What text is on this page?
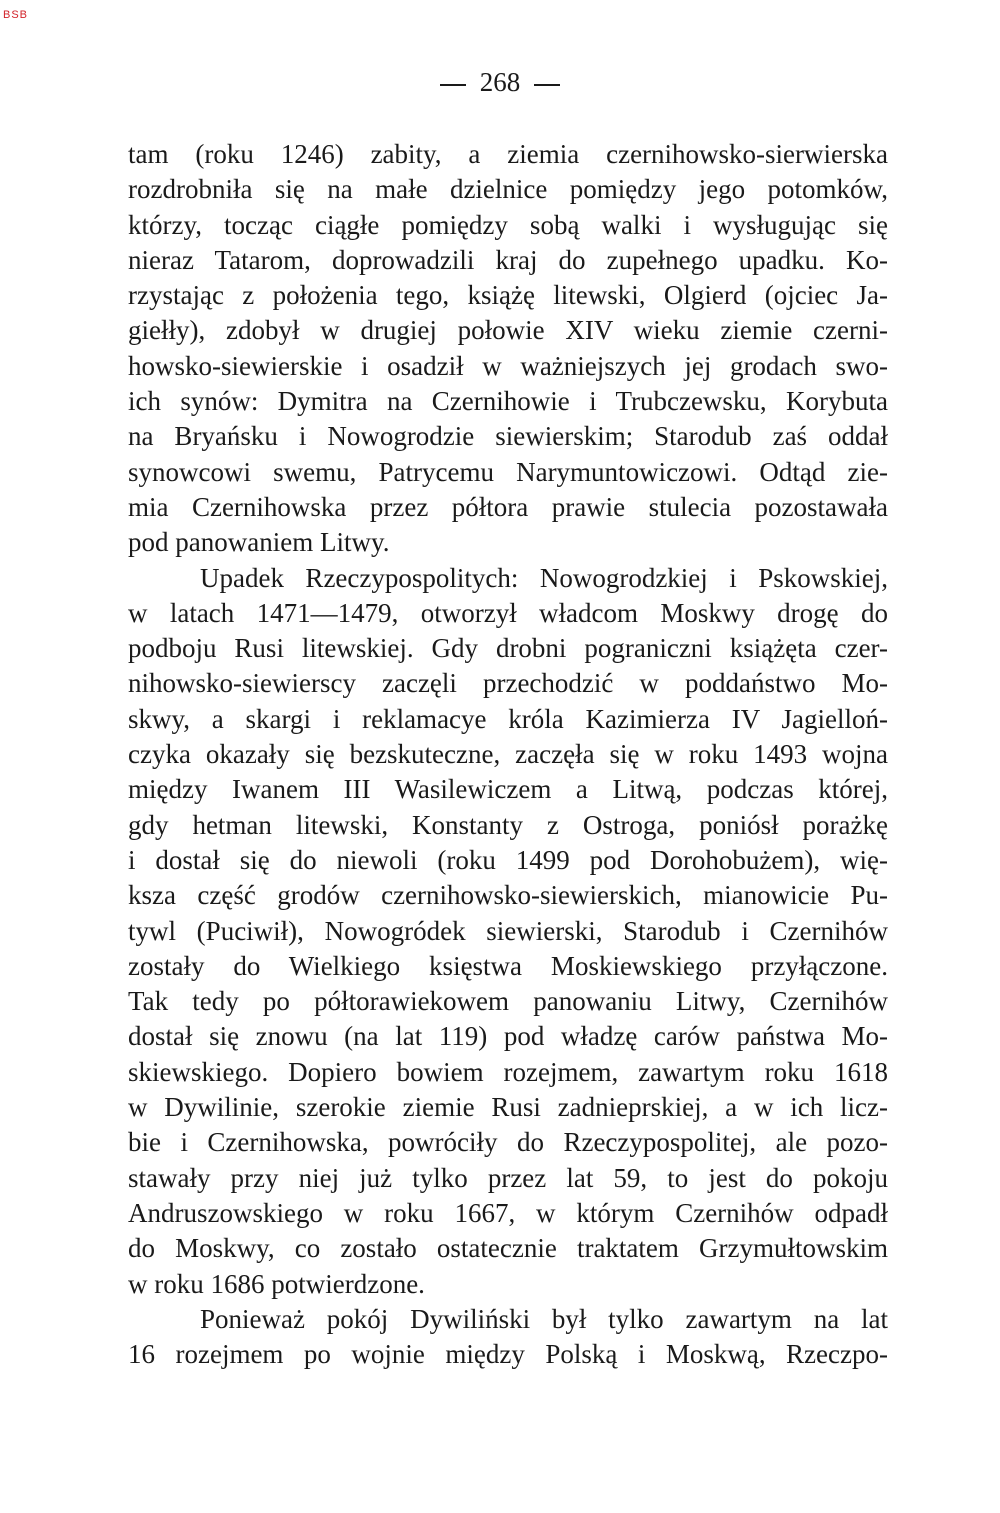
BSB
268
tam (roku 1246) zabity, a ziemia czernihowsko-sierwierska
rozdrobniła się na małe dzielnice pomiędzy jego potomków,
którzy, tocząc ciągłe pomiędzy sobą walki i wysługując się
nieraz Tatarom, doprowadzili kraj do zupełnego upadku. Ko-
rzystając z położenia tego, książę litewski, Olgierd (ojciec Ja-
giełły), zdobył w drugiej połowie XIV wieku ziemie czerni-
howsko-siewierskie i osadził w ważniejszych jej grodach swo-
ich synów: Dymitra na Czernihowie i Trubczewsku, Korybuta
na Bryańsku i Nowogrodzie siewierskim; Starodub zaś oddał
synowcowi swemu, Patrycemu Narymuntowiczowi. Odtąd zie-
mia Czernihowska przez półtora prawie stulecia pozostawała
pod panowaniem Litwy.
Upadek Rzeczypospolitych: Nowogrodzkiej i Pskowskiej,
w latach 1471—1479, otworzył władcom Moskwy drogę do
podboju Rusi litewskiej. Gdy drobni pograniczni książęta czer-
nihowsko-siewierscy zaczęli przechodzić w poddaństwo Mo-
skwy, a skargi i reklamacye króla Kazimierza IV Jagielloń-
czyka okazały się bezskuteczne, zaczęła się w roku 1493 wojna
między Iwanem III Wasilewiczem a Litwą, podczas której,
gdy hetman litewski, Konstanty z Ostroga, poniósł porażkę
i dostał się do niewoli (roku 1499 pod Dorohobużem), wię-
ksza część grodów czernihowsko-siewierskich, mianowicie Pu-
tywl (Puciwił), Nowogródek siewierski, Starodub i Czernihów
zostały do Wielkiego księstwa Moskiewskiego przyłączone.
Tak tedy po półtorawiekowem panowaniu Litwy, Czernihów
dostał się znowu (na lat 119) pod władzę carów państwa Mo-
skiewskiego. Dopiero bowiem rozejmem, zawartym roku 1618
w Dywilinie, szerokie ziemie Rusi zadnieprskiej, a w ich licz-
bie i Czernihowska, powróciły do Rzeczypospolitej, ale pozo-
stawały przy niej już tylko przez lat 59, to jest do pokoju
Andruszowskiego w roku 1667, w którym Czernihów odpadł
do Moskwy, co zostało ostatecznie traktatem Grzymułtowskim
w roku 1686 potwierdzone.
Ponieważ pokój Dywiliński był tylko zawartym na lat
16 rozejmem po wojnie między Polską i Moskwą, Rzeczpo-
